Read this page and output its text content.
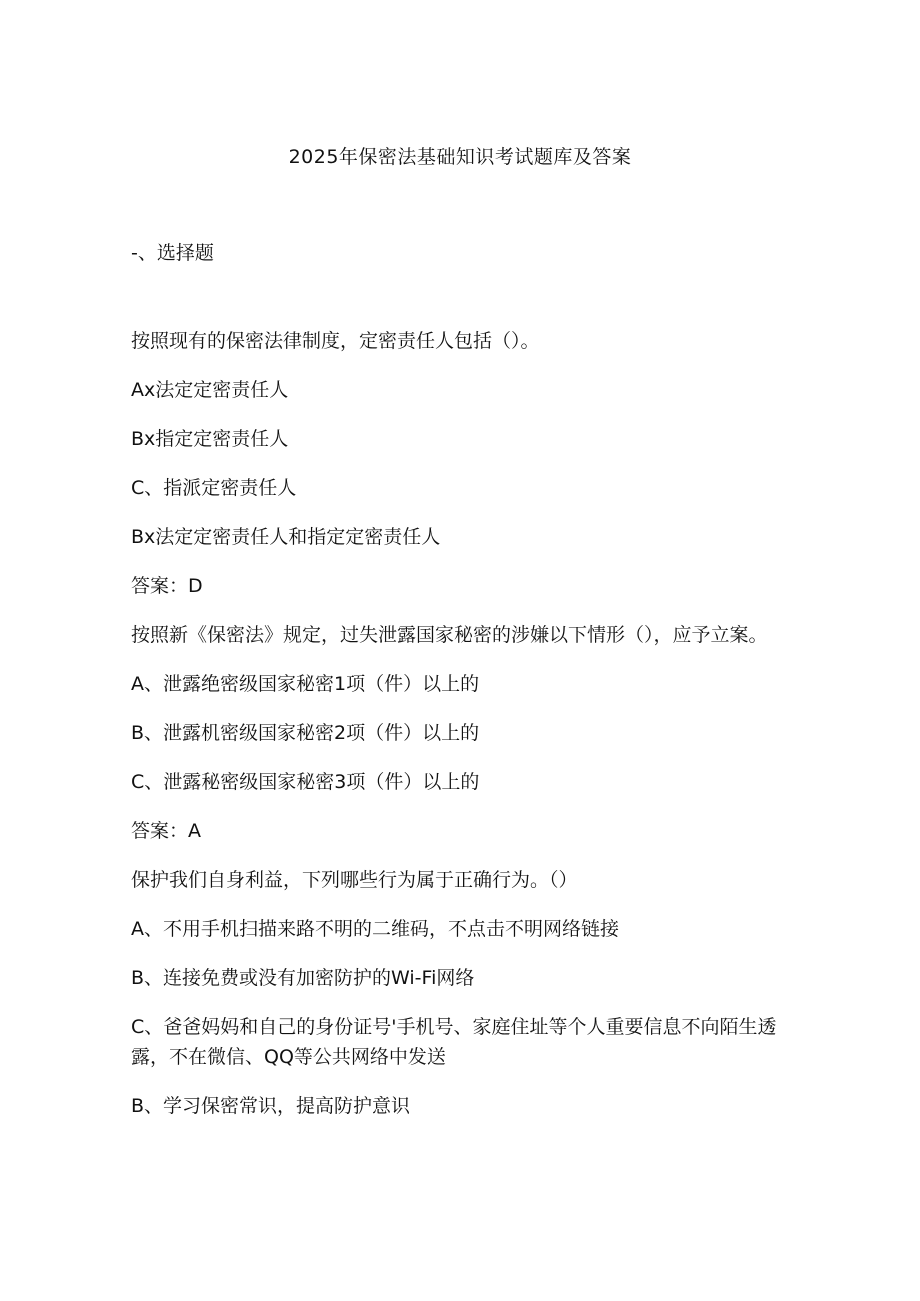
2025年保密法基础知识考试题库及答案
-、选择题

按照现有的保密法律制度，定密责任人包括（）。

Ax法定定密责任人

Bx指定定密责任人

C、指派定密责任人

Bx法定定密责任人和指定定密责任人

答案：D

按照新《保密法》规定，过失泄露国家秘密的涉嫌以下情形（），应予立案。

A、泄露绝密级国家秘密1项（件）以上的

B、泄露机密级国家秘密2项（件）以上的

C、泄露秘密级国家秘密3项（件）以上的

答案：A

保护我们自身利益，下列哪些行为属于正确行为。（）

A、不用手机扫描来路不明的二维码，不点击不明网络链接

B、连接免费或没有加密防护的Wi-Fi网络

C、爸爸妈妈和自己的身份证号'手机号、家庭住址等个人重要信息不向陌生透露，不在微信、QQ等公共网络中发送

B、学习保密常识，提高防护意识
